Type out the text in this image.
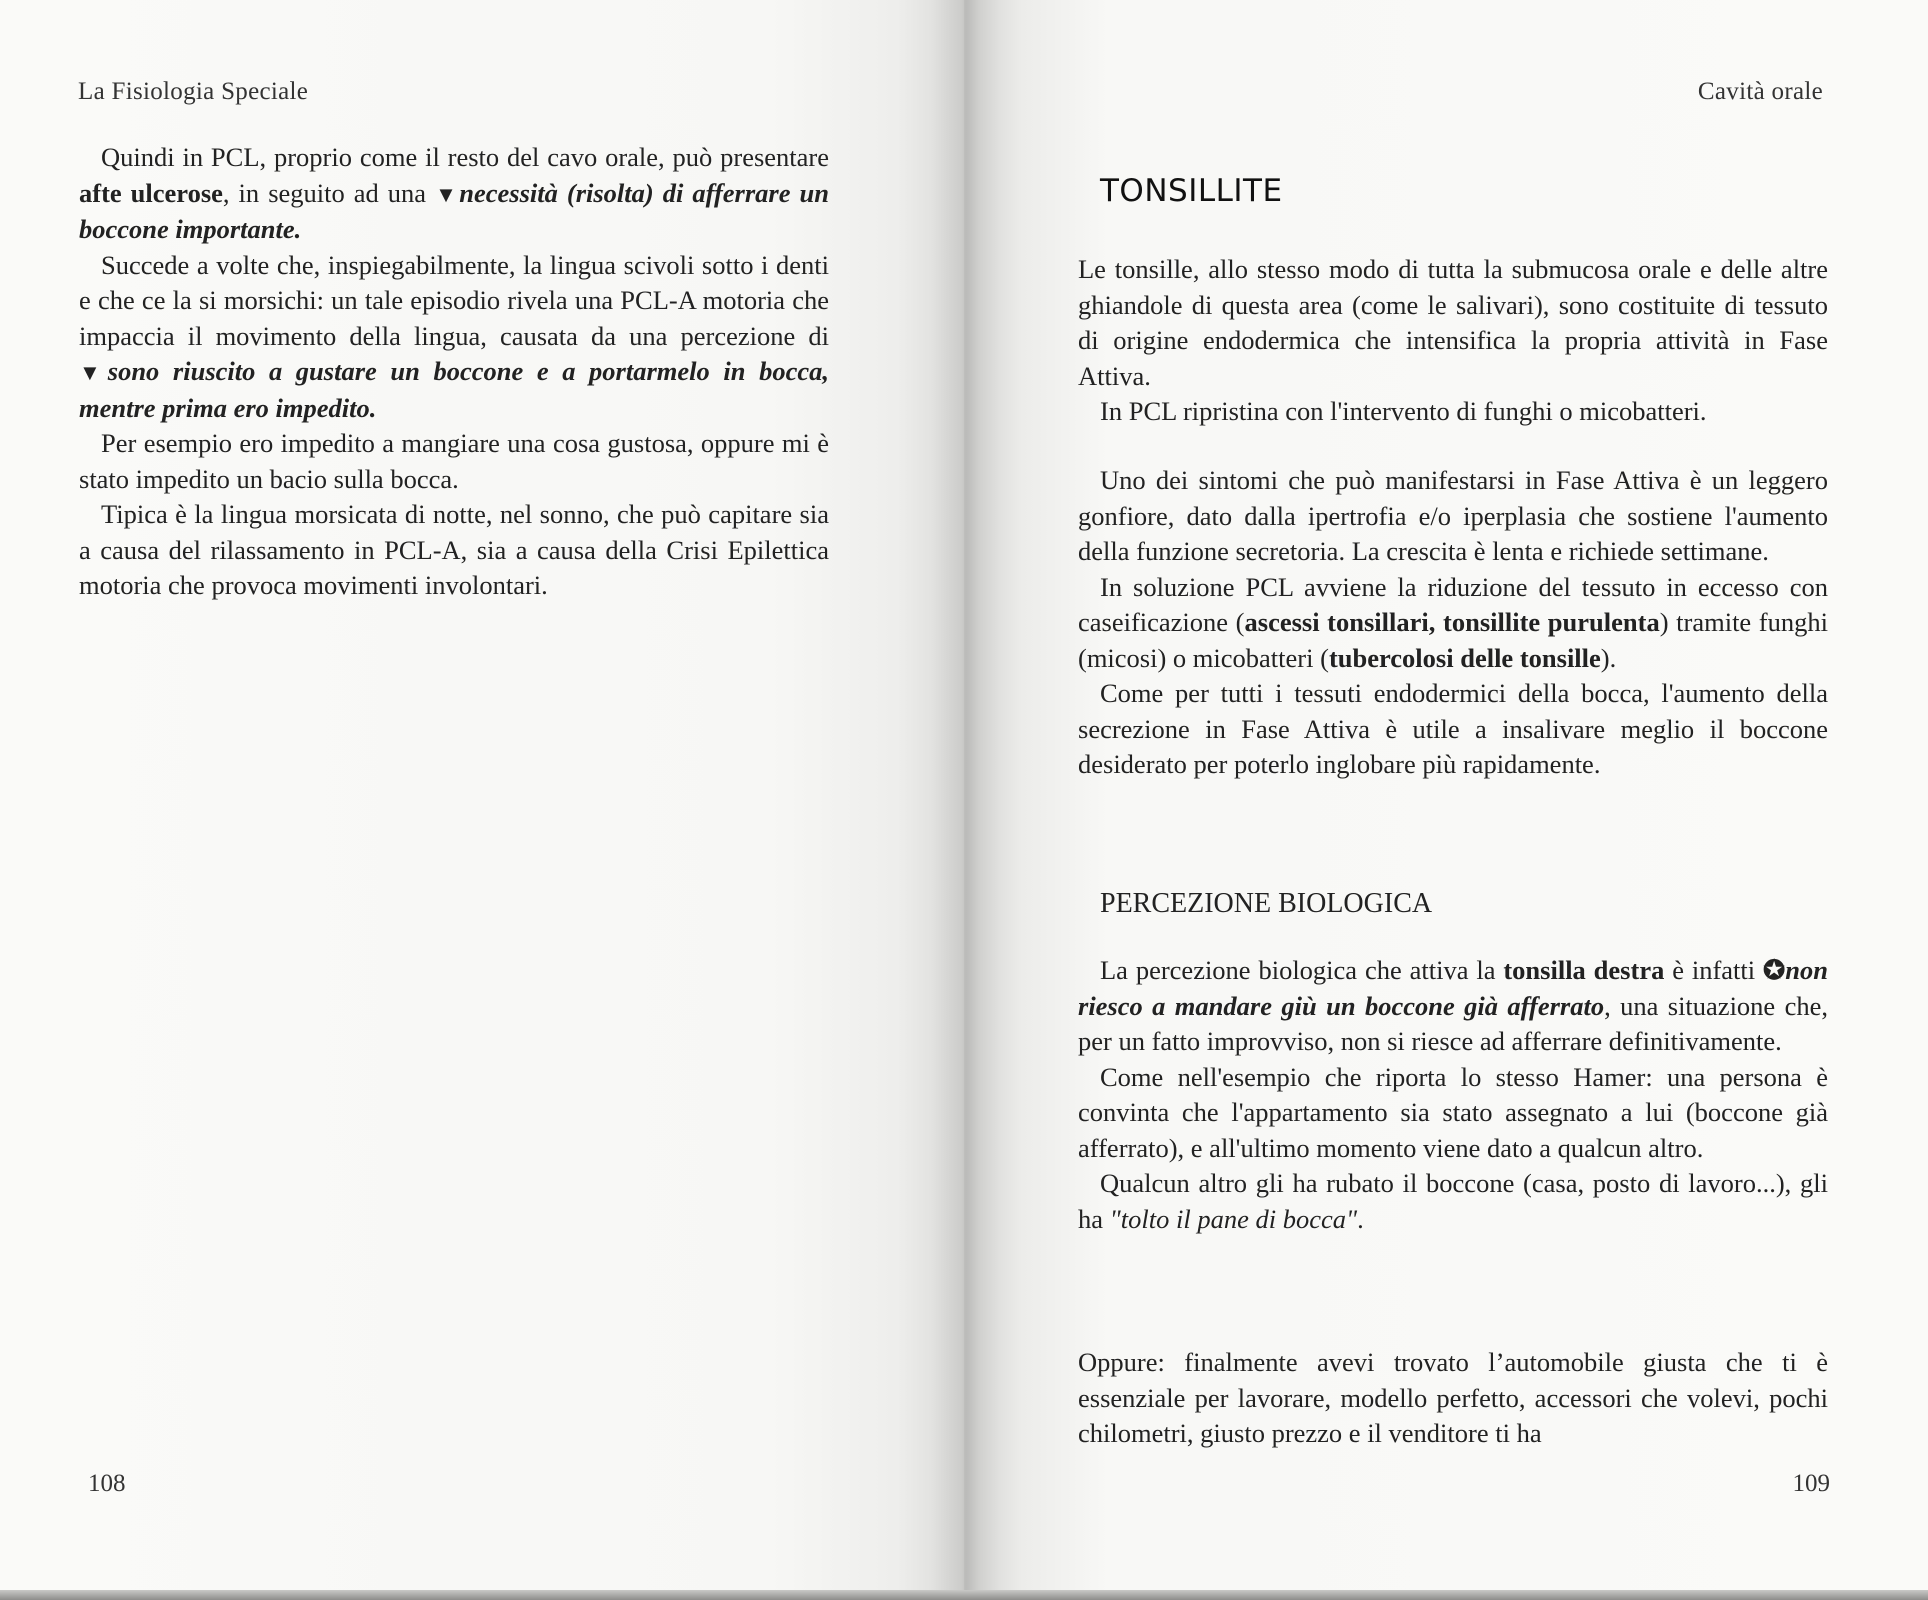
La Fisiologia Speciale

Quindi in PCL, proprio come il resto del cavo orale, può presentare afte ulcerose, in seguito ad una ▼necessità (risolta) di afferrare un boccone importante.

Succede a volte che, inspiegabilmente, la lingua scivoli sotto i denti e che ce la si morsichi: un tale episodio rivela una PCL-A motoria che impaccia il movimento della lingua, causata da una percezione di ▼sono riuscito a gustare un boccone e a portarmelo in bocca, mentre prima ero impedito.

Per esempio ero impedito a mangiare una cosa gustosa, oppure mi è stato impedito un bacio sulla bocca.

Tipica è la lingua morsicata di notte, nel sonno, che può capitare sia a causa del rilassamento in PCL-A, sia a causa della Crisi Epilettica motoria che provoca movimenti involontari.

108
Cavità orale
TONSILLITE

Le tonsille, allo stesso modo di tutta la submucosa orale e delle altre ghiandole di questa area (come le salivari), sono costituite di tessuto di origine endodermica che intensifica la propria attività in Fase Attiva.

In PCL ripristina con l'intervento di funghi o micobatteri.

Uno dei sintomi che può manifestarsi in Fase Attiva è un leggero gonfiore, dato dalla ipertrofia e/o iperplasia che sostiene l'aumento della funzione secretoria. La crescita è lenta e richiede settimane.

In soluzione PCL avviene la riduzione del tessuto in eccesso con caseificazione (ascessi tonsillari, tonsillite purulenta) tramite funghi (micosi) o micobatteri (tubercolosi delle tonsille).

Come per tutti i tessuti endodermici della bocca, l'aumento della secrezione in Fase Attiva è utile a insalivare meglio il boccone desiderato per poterlo inglobare più rapidamente.

PERCEZIONE BIOLOGICA

La percezione biologica che attiva la tonsilla destra è infatti ✪non riesco a mandare giù un boccone già afferrato, una situazione che, per un fatto improvviso, non si riesce ad afferrare definitivamente.

Come nell'esempio che riporta lo stesso Hamer: una persona è convinta che l'appartamento sia stato assegnato a lui (boccone già afferrato), e all'ultimo momento viene dato a qualcun altro.

Qualcun altro gli ha rubato il boccone (casa, posto di lavoro...), gli ha "tolto il pane di bocca".

Oppure: finalmente avevi trovato l’automobile giusta che ti è essenziale per lavorare, modello perfetto, accessori che volevi, pochi chilometri, giusto prezzo e il venditore ti ha

109
